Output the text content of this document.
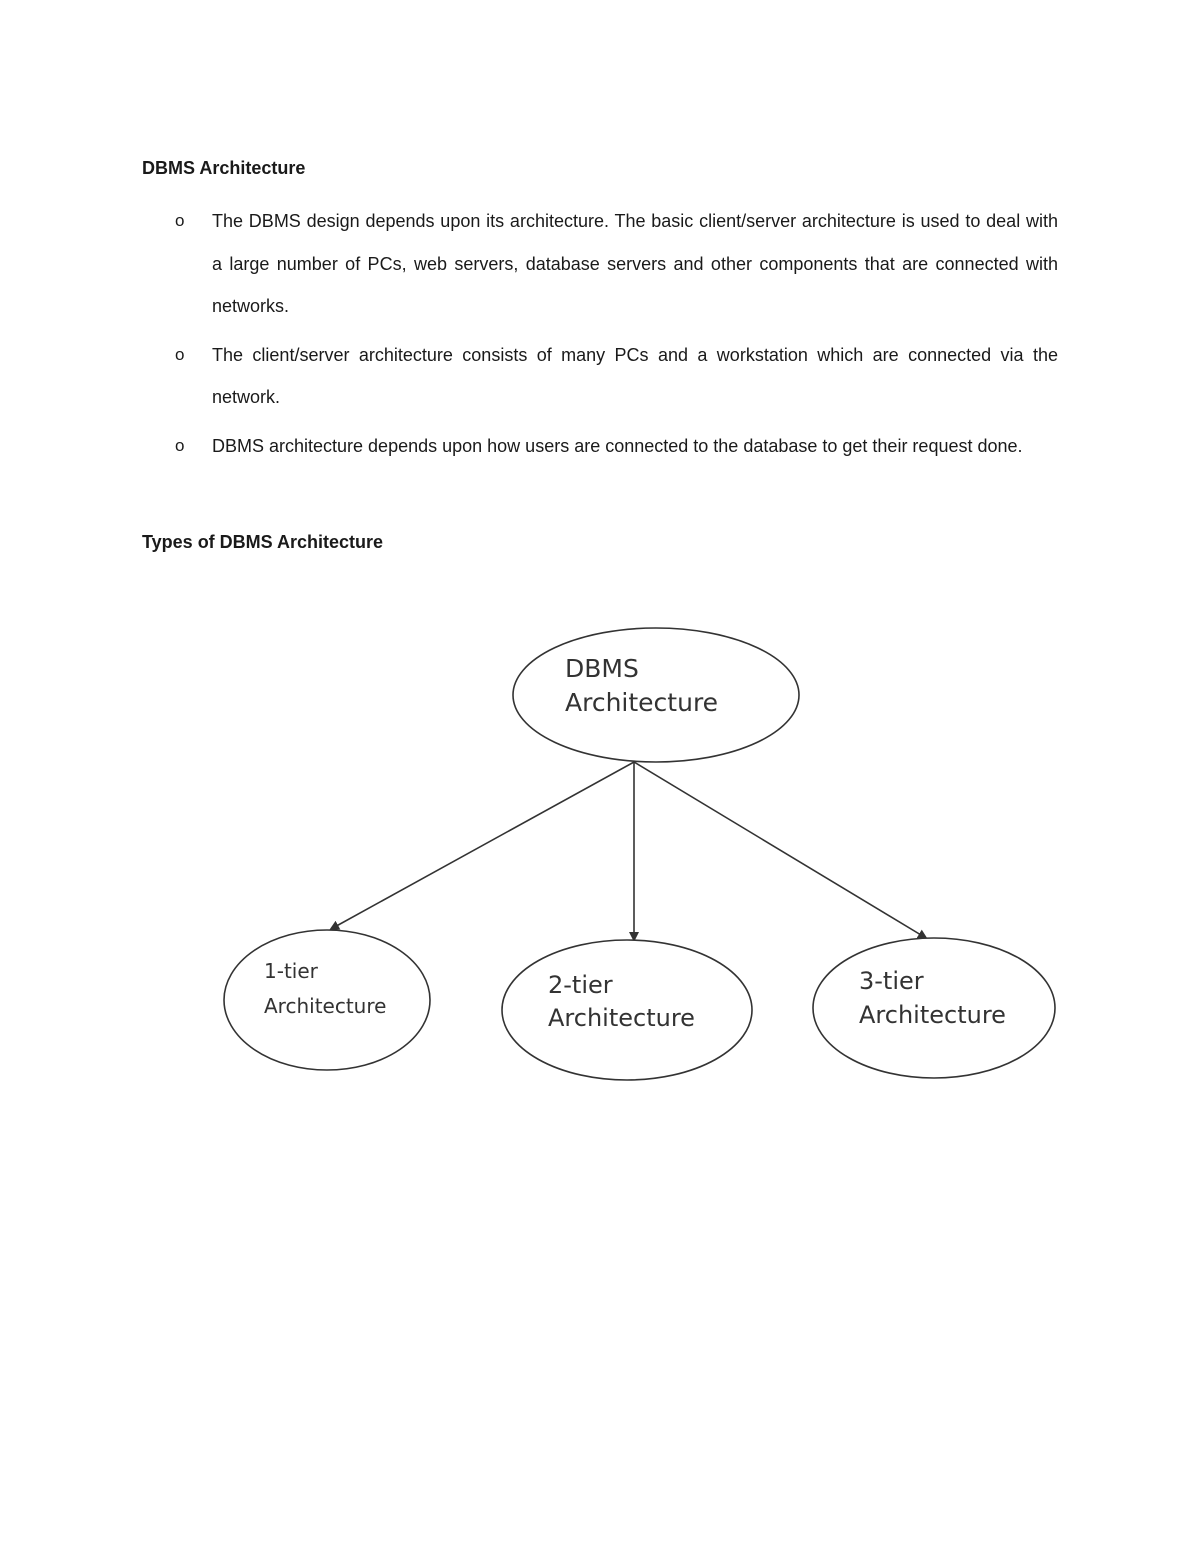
DBMS Architecture
o The DBMS design depends upon its architecture. The basic client/server architecture is used to deal with a large number of PCs, web servers, database servers and other components that are connected with networks.
o The client/server architecture consists of many PCs and a workstation which are connected via the network.
o DBMS architecture depends upon how users are connected to the database to get their request done.
Types of DBMS Architecture
DBMS
Architecture
1-tier
Architecture
2-tier
Architecture
3-tier
Architecture
